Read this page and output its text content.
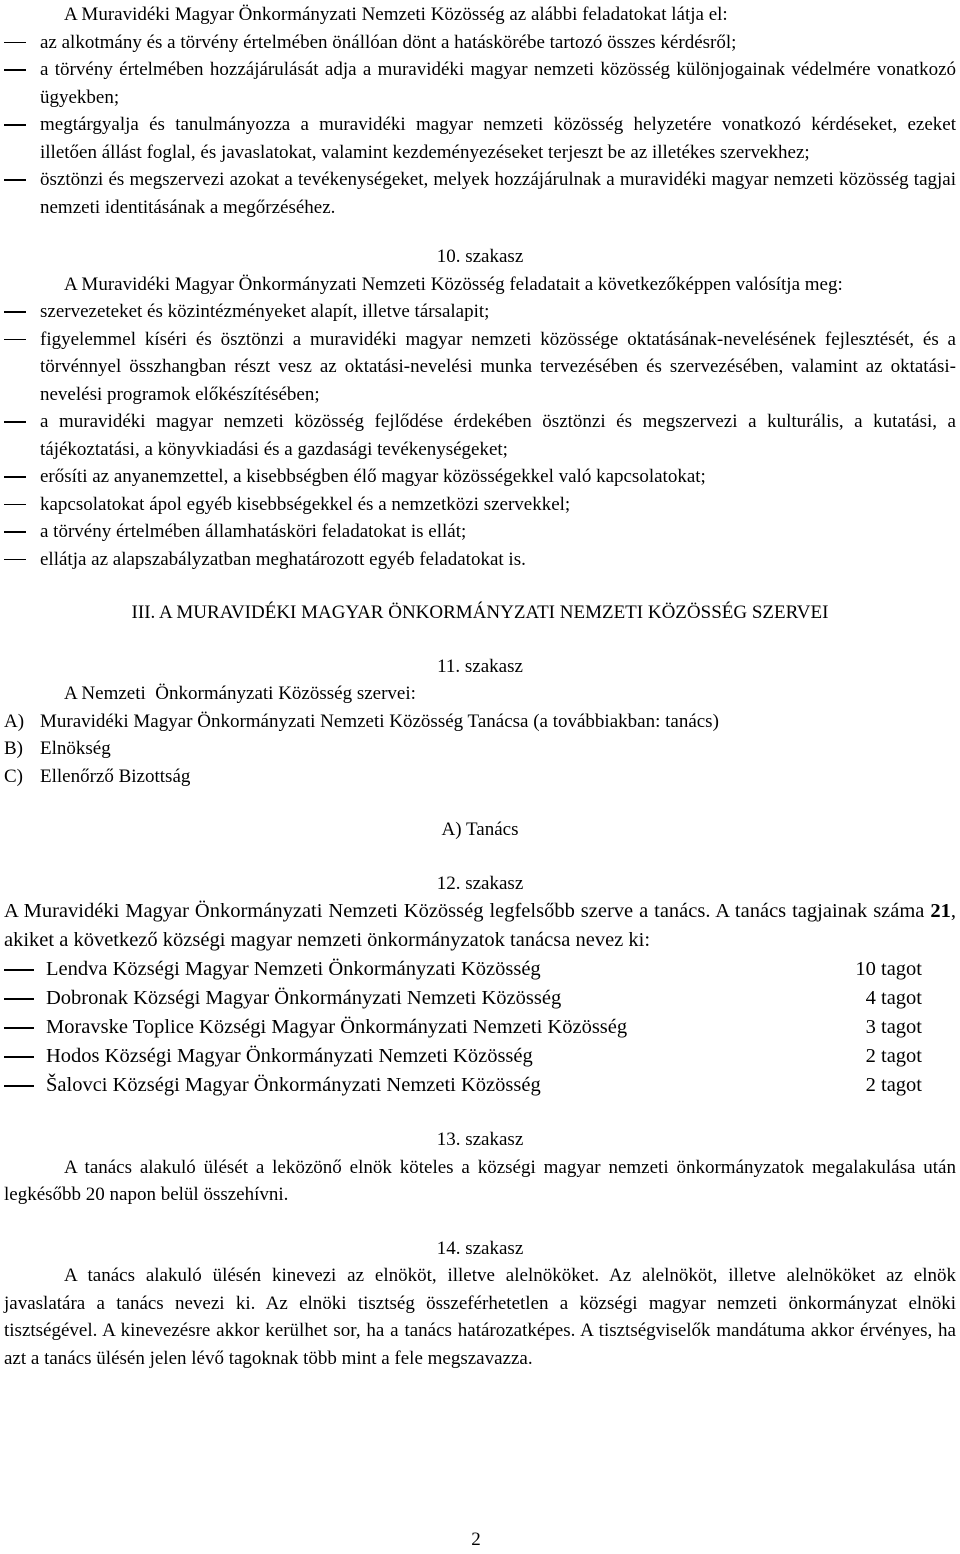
A Muravidéki Magyar Önkormányzati Nemzeti Közösség az alábbi feladatokat látja el:

az alkotmány és a törvény értelmében önállóan dönt a hatáskörébe tartozó összes kérdésről;
a törvény értelmében hozzájárulását adja a muravidéki magyar nemzeti közösség különjogainak védelmére vonatkozó ügyekben;
megtárgyalja és tanulmányozza a muravidéki magyar nemzeti közösség helyzetére vonatkozó kérdéseket, ezeket illetően állást foglal, és javaslatokat, valamint kezdeményezéseket terjeszt be az illetékes szervekhez;
ösztönzi és megszervezi azokat a tevékenységeket, melyek hozzájárulnak a muravidéki magyar nemzeti közösség tagjai nemzeti identitásának a megőrzéséhez.

10. szakasz

A Muravidéki Magyar Önkormányzati Nemzeti Közösség feladatait a következőképpen valósítja meg:

szervezeteket és közintézményeket alapít, illetve társalapit;
figyelemmel kíséri és ösztönzi a muravidéki magyar nemzeti közössége oktatásának-nevelésének fejlesztését, és a törvénnyel összhangban részt vesz az oktatási-nevelési munka tervezésében és szervezésében, valamint az oktatási-nevelési programok előkészítésében;
a muravidéki magyar nemzeti közösség fejlődése érdekében ösztönzi és megszervezi a kulturális, a kutatási, a tájékoztatási, a könyvkiadási és a gazdasági tevékenységeket;
erősíti az anyanemzettel, a kisebbségben élő magyar közösségekkel való kapcsolatokat;
kapcsolatokat ápol egyéb kisebbségekkel és a nemzetközi szervekkel;
a törvény értelmében államhatásköri feladatokat is ellát;
ellátja az alapszabályzatban meghatározott egyéb feladatokat is.

III. A MURAVIDÉKI MAGYAR ÖNKORMÁNYZATI NEMZETI KÖZÖSSÉG SZERVEI

11. szakasz

A Nemzeti  Önkormányzati Közösség szervei:

A) Muravidéki Magyar Önkormányzati Nemzeti Közösség Tanácsa (a továbbiakban: tanács)
B) Elnökség
C) Ellenőrző Bizottság

A) Tanács

12. szakasz

A Muravidéki Magyar Önkormányzati Nemzeti Közösség legfelsőbb szerve a tanács. A tanács tagjainak száma 21, akiket a következő községi magyar nemzeti önkormányzatok tanácsa nevez ki:

Lendva Községi Magyar Nemzeti Önkormányzati Közösség	10 tagot
Dobronak Községi Magyar Önkormányzati Nemzeti Közösség	4 tagot
Moravske Toplice Községi Magyar Önkormányzati Nemzeti Közösség	3 tagot
Hodos Községi Magyar Önkormányzati Nemzeti Közösség	2 tagot
Šalovci Községi Magyar Önkormányzati Nemzeti Közösség	2 tagot

13. szakasz

A tanács alakuló ülését a leközönő elnök köteles a községi magyar nemzeti önkormányzatok megalakulása után legkésőbb 20 napon belül összehívni.

14. szakasz

A tanács alakuló ülésén kinevezi az elnököt, illetve alelnököket. Az alelnököt, illetve alelnököket az elnök javaslatára a tanács nevezi ki. Az elnöki tisztség összeférhetetlen a községi magyar nemzeti önkormányzat elnöki tisztségével. A kinevezésre akkor kerülhet sor, ha a tanács határozatképes. A tisztségviselők mandátuma akkor érvényes, ha azt a tanács ülésén jelen lévő tagoknak több mint a fele megszavazza.

2
